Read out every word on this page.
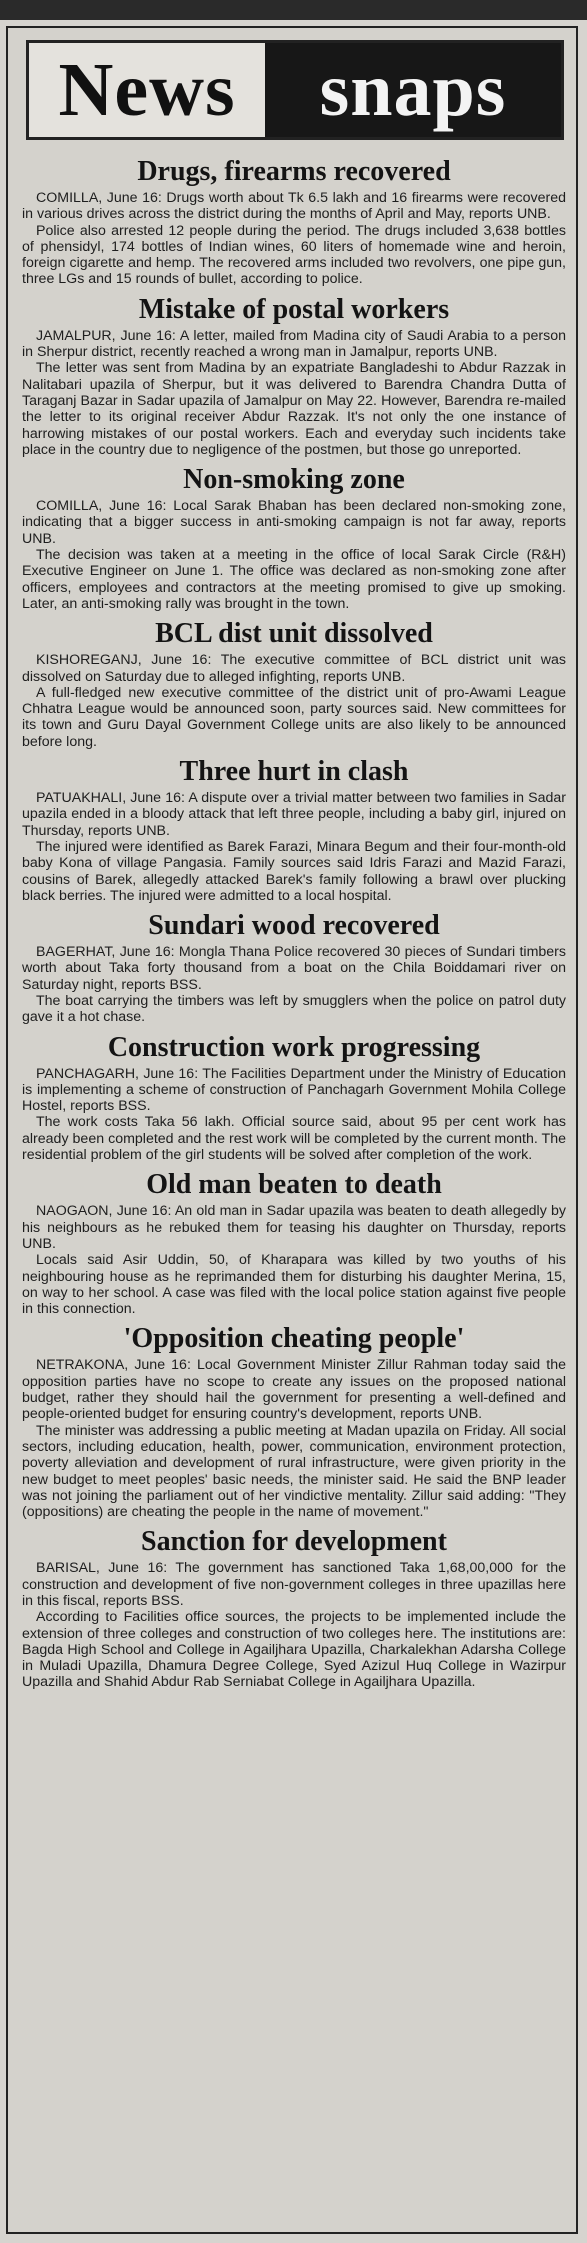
News snaps
Drugs, firearms recovered

COMILLA, June 16: Drugs worth about Tk 6.5 lakh and 16 firearms were recovered in various drives across the district during the months of April and May, reports UNB.

Police also arrested 12 people during the period. The drugs included 3,638 bottles of phensidyl, 174 bottles of Indian wines, 60 liters of homemade wine and heroin, foreign cigarette and hemp. The recovered arms included two revolvers, one pipe gun, three LGs and 15 rounds of bullet, according to police.

Mistake of postal workers

JAMALPUR, June 16: A letter, mailed from Madina city of Saudi Arabia to a person in Sherpur district, recently reached a wrong man in Jamalpur, reports UNB.

The letter was sent from Madina by an expatriate Bangladeshi to Abdur Razzak in Nalitabari upazila of Sherpur, but it was delivered to Barendra Chandra Dutta of Taraganj Bazar in Sadar upazila of Jamalpur on May 22. However, Barendra re-mailed the letter to its original receiver Abdur Razzak. It's not only the one instance of harrowing mistakes of our postal workers. Each and everyday such incidents take place in the country due to negligence of the postmen, but those go unreported.

Non-smoking zone

COMILLA, June 16: Local Sarak Bhaban has been declared non-smoking zone, indicating that a bigger success in anti-smoking campaign is not far away, reports UNB.

The decision was taken at a meeting in the office of local Sarak Circle (R&H) Executive Engineer on June 1. The office was declared as non-smoking zone after officers, employees and contractors at the meeting promised to give up smoking. Later, an anti-smoking rally was brought in the town.

BCL dist unit dissolved

KISHOREGANJ, June 16: The executive committee of BCL district unit was dissolved on Saturday due to alleged infighting, reports UNB.

A full-fledged new executive committee of the district unit of pro-Awami League Chhatra League would be announced soon, party sources said. New committees for its town and Guru Dayal Government College units are also likely to be announced before long.

Three hurt in clash

PATUAKHALI, June 16: A dispute over a trivial matter between two families in Sadar upazila ended in a bloody attack that left three people, including a baby girl, injured on Thursday, reports UNB.

The injured were identified as Barek Farazi, Minara Begum and their four-month-old baby Kona of village Pangasia. Family sources said Idris Farazi and Mazid Farazi, cousins of Barek, allegedly attacked Barek's family following a brawl over plucking black berries. The injured were admitted to a local hospital.

Sundari wood recovered

BAGERHAT, June 16: Mongla Thana Police recovered 30 pieces of Sundari timbers worth about Taka forty thousand from a boat on the Chila Boiddamari river on Saturday night, reports BSS.

The boat carrying the timbers was left by smugglers when the police on patrol duty gave it a hot chase.

Construction work progressing

PANCHAGARH, June 16: The Facilities Department under the Ministry of Education is implementing a scheme of construction of Panchagarh Government Mohila College Hostel, reports BSS.

The work costs Taka 56 lakh. Official source said, about 95 per cent work has already been completed and the rest work will be completed by the current month. The residential problem of the girl students will be solved after completion of the work.

Old man beaten to death

NAOGAON, June 16: An old man in Sadar upazila was beaten to death allegedly by his neighbours as he rebuked them for teasing his daughter on Thursday, reports UNB.

Locals said Asir Uddin, 50, of Kharapara was killed by two youths of his neighbouring house as he reprimanded them for disturbing his daughter Merina, 15, on way to her school. A case was filed with the local police station against five people in this connection.

'Opposition cheating people'

NETRAKONA, June 16: Local Government Minister Zillur Rahman today said the opposition parties have no scope to create any issues on the proposed national budget, rather they should hail the government for presenting a well-defined and people-oriented budget for ensuring country's development, reports UNB.

The minister was addressing a public meeting at Madan upazila on Friday. All social sectors, including education, health, power, communication, environment protection, poverty alleviation and development of rural infrastructure, were given priority in the new budget to meet peoples' basic needs, the minister said. He said the BNP leader was not joining the parliament out of her vindictive mentality. Zillur said adding: "They (oppositions) are cheating the people in the name of movement."

Sanction for development

BARISAL, June 16: The government has sanctioned Taka 1,68,00,000 for the construction and development of five non-government colleges in three upazillas here in this fiscal, reports BSS.

According to Facilities office sources, the projects to be implemented include the extension of three colleges and construction of two colleges here. The institutions are: Bagda High School and College in Agailjhara Upazilla, Charkalekhan Adarsha College in Muladi Upazilla, Dhamura Degree College, Syed Azizul Huq College in Wazirpur Upazilla and Shahid Abdur Rab Serniabat College in Agailjhara Upazilla.
